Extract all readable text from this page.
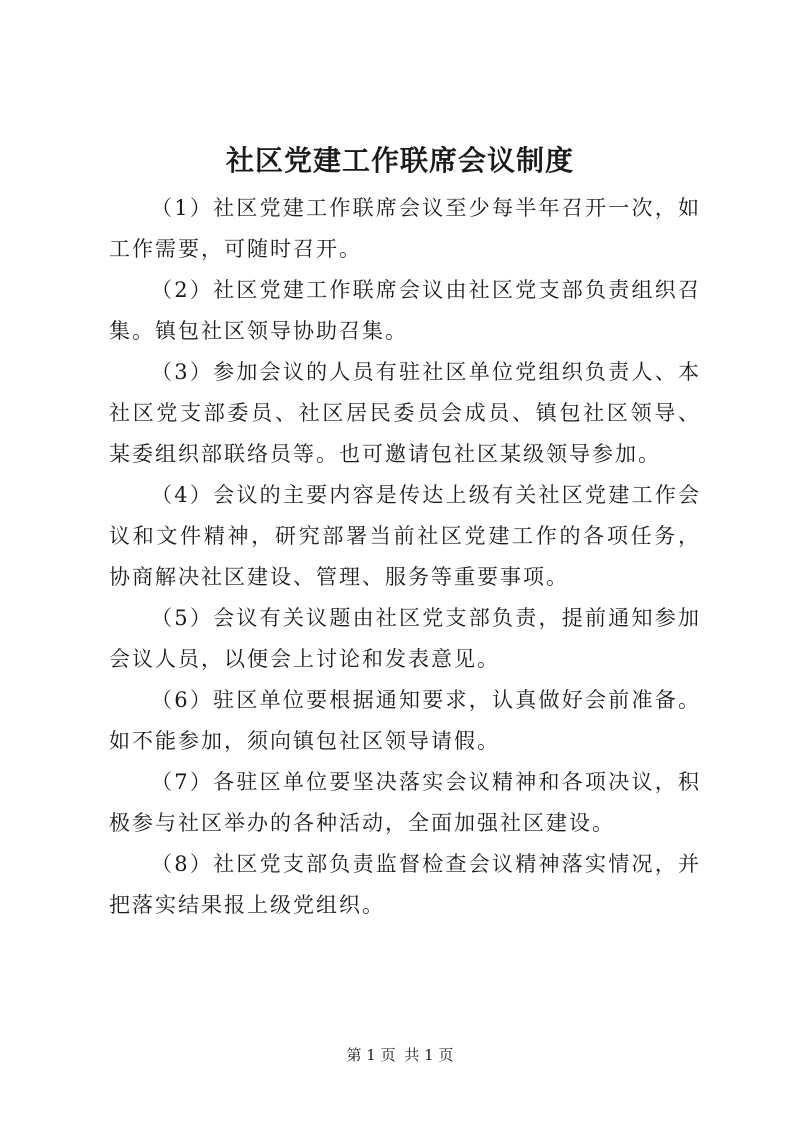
社区党建工作联席会议制度

（1）社区党建工作联席会议至少每半年召开一次，如工作需要，可随时召开。

（2）社区党建工作联席会议由社区党支部负责组织召集。镇包社区领导协助召集。

（3）参加会议的人员有驻社区单位党组织负责人、本社区党支部委员、社区居民委员会成员、镇包社区领导、某委组织部联络员等。也可邀请包社区某级领导参加。

（4）会议的主要内容是传达上级有关社区党建工作会议和文件精神，研究部署当前社区党建工作的各项任务，协商解决社区建设、管理、服务等重要事项。

（5）会议有关议题由社区党支部负责，提前通知参加会议人员，以便会上讨论和发表意见。

（6）驻区单位要根据通知要求，认真做好会前准备。如不能参加，须向镇包社区领导请假。

（7）各驻区单位要坚决落实会议精神和各项决议，积极参与社区举办的各种活动，全面加强社区建设。

（8）社区党支部负责监督检查会议精神落实情况，并把落实结果报上级党组织。

第 1 页 共 1 页
